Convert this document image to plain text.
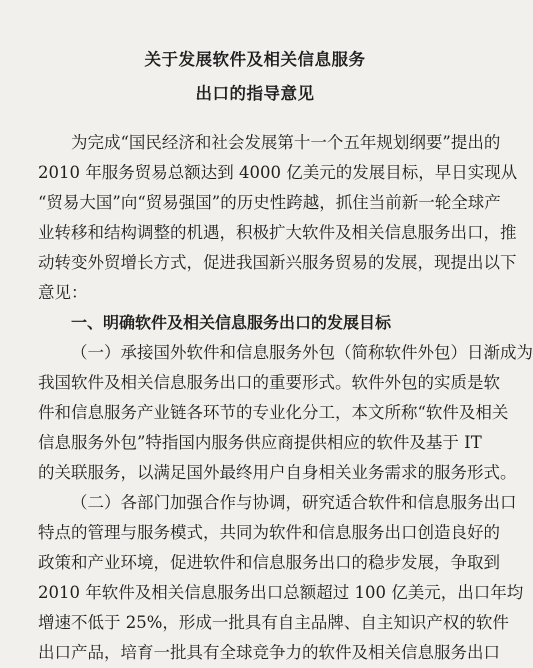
关于发展软件及相关信息服务
出口的指导意见
为完成“国民经济和社会发展第十一个五年规划纲要”提出的
2010 年服务贸易总额达到 4000 亿美元的发展目标，早日实现从
“贸易大国”向“贸易强国”的历史性跨越，抓住当前新一轮全球产
业转移和结构调整的机遇，积极扩大软件及相关信息服务出口，推
动转变外贸增长方式，促进我国新兴服务贸易的发展，现提出以下
意见：
一、明确软件及相关信息服务出口的发展目标
（一）承接国外软件和信息服务外包（简称软件外包）日渐成为
我国软件及相关信息服务出口的重要形式。软件外包的实质是软
件和信息服务产业链各环节的专业化分工，本文所称“软件及相关
信息服务外包”特指国内服务供应商提供相应的软件及基于 IT
的关联服务，以满足国外最终用户自身相关业务需求的服务形式。
（二）各部门加强合作与协调，研究适合软件和信息服务出口
特点的管理与服务模式，共同为软件和信息服务出口创造良好的
政策和产业环境，促进软件和信息服务出口的稳步发展，争取到
2010 年软件及相关信息服务出口总额超过 100 亿美元，出口年均
增速不低于 25%，形成一批具有自主品牌、自主知识产权的软件
出口产品，培育一批具有全球竞争力的软件及相关信息服务出口
